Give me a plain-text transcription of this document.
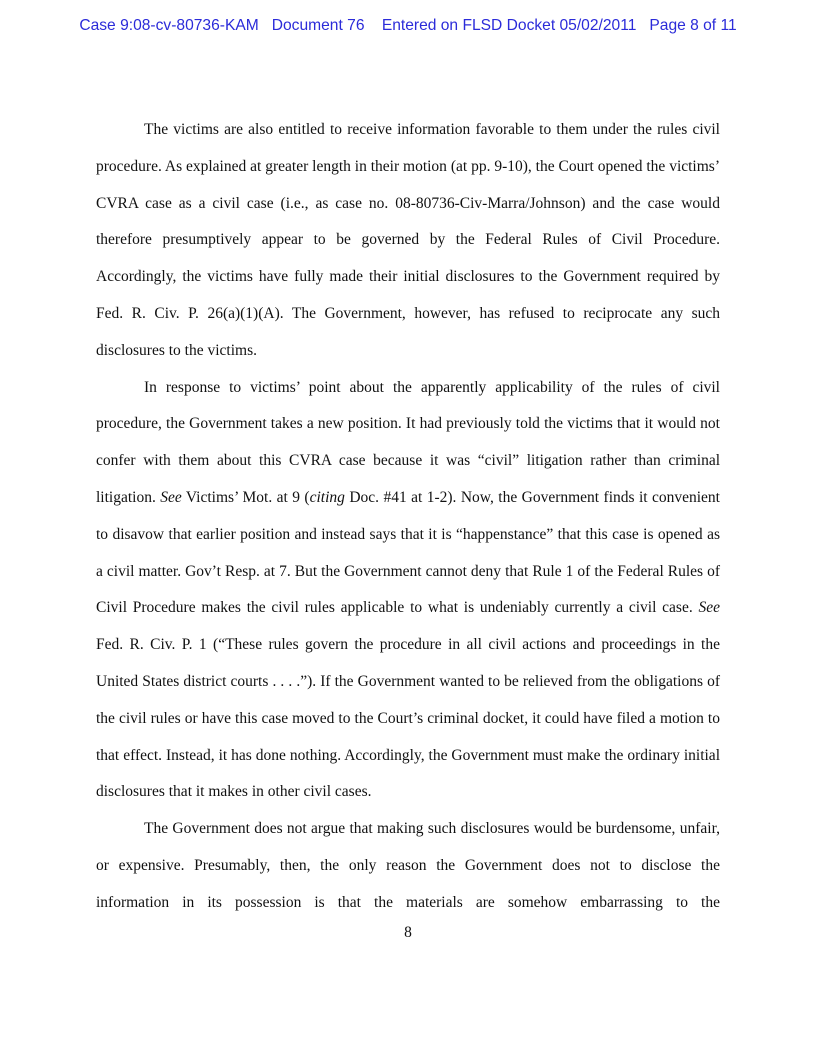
Case 9:08-cv-80736-KAM   Document 76    Entered on FLSD Docket 05/02/2011   Page 8 of 11

The victims are also entitled to receive information favorable to them under the rules civil procedure. As explained at greater length in their motion (at pp. 9-10), the Court opened the victims’ CVRA case as a civil case (i.e., as case no. 08-80736-Civ-Marra/Johnson) and the case would therefore presumptively appear to be governed by the Federal Rules of Civil Procedure. Accordingly, the victims have fully made their initial disclosures to the Government required by Fed. R. Civ. P. 26(a)(1)(A). The Government, however, has refused to reciprocate any such disclosures to the victims.

In response to victims’ point about the apparently applicability of the rules of civil procedure, the Government takes a new position. It had previously told the victims that it would not confer with them about this CVRA case because it was “civil” litigation rather than criminal litigation. See Victims’ Mot. at 9 (citing Doc. #41 at 1-2). Now, the Government finds it convenient to disavow that earlier position and instead says that it is “happenstance” that this case is opened as a civil matter. Gov’t Resp. at 7. But the Government cannot deny that Rule 1 of the Federal Rules of Civil Procedure makes the civil rules applicable to what is undeniably currently a civil case. See Fed. R. Civ. P. 1 (“These rules govern the procedure in all civil actions and proceedings in the United States district courts . . . .”). If the Government wanted to be relieved from the obligations of the civil rules or have this case moved to the Court’s criminal docket, it could have filed a motion to that effect. Instead, it has done nothing. Accordingly, the Government must make the ordinary initial disclosures that it makes in other civil cases.

The Government does not argue that making such disclosures would be burdensome, unfair, or expensive. Presumably, then, the only reason the Government does not to disclose the information in its possession is that the materials are somehow embarrassing to the

8
